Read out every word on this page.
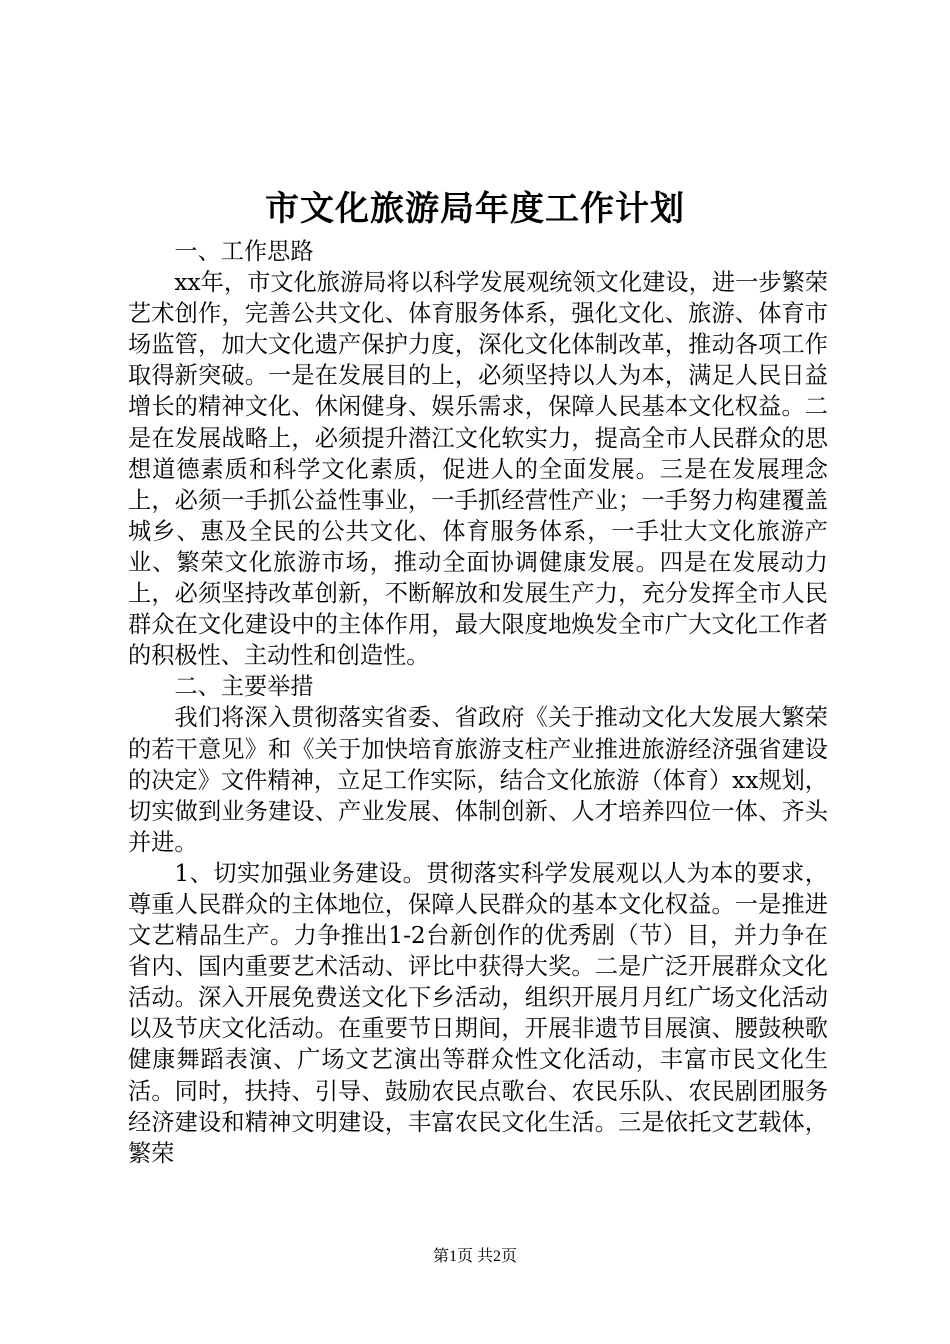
市文化旅游局年度工作计划

一、工作思路

xx年，市文化旅游局将以科学发展观统领文化建设，进一步繁荣艺术创作，完善公共文化、体育服务体系，强化文化、旅游、体育市场监管，加大文化遗产保护力度，深化文化体制改革，推动各项工作取得新突破。一是在发展目的上，必须坚持以人为本，满足人民日益增长的精神文化、休闲健身、娱乐需求，保障人民基本文化权益。二是在发展战略上，必须提升潜江文化软实力，提高全市人民群众的思想道德素质和科学文化素质，促进人的全面发展。三是在发展理念上，必须一手抓公益性事业，一手抓经营性产业；一手努力构建覆盖城乡、惠及全民的公共文化、体育服务体系，一手壮大文化旅游产业、繁荣文化旅游市场，推动全面协调健康发展。四是在发展动力上，必须坚持改革创新，不断解放和发展生产力，充分发挥全市人民群众在文化建设中的主体作用，最大限度地焕发全市广大文化工作者的积极性、主动性和创造性。

二、主要举措

我们将深入贯彻落实省委、省政府《关于推动文化大发展大繁荣的若干意见》和《关于加快培育旅游支柱产业推进旅游经济强省建设的决定》文件精神，立足工作实际，结合文化旅游（体育）xx规划，切实做到业务建设、产业发展、体制创新、人才培养四位一体、齐头并进。

1、切实加强业务建设。贯彻落实科学发展观以人为本的要求，尊重人民群众的主体地位，保障人民群众的基本文化权益。一是推进文艺精品生产。力争推出1-2台新创作的优秀剧（节）目，并力争在省内、国内重要艺术活动、评比中获得大奖。二是广泛开展群众文化活动。深入开展免费送文化下乡活动，组织开展月月红广场文化活动以及节庆文化活动。在重要节日期间，开展非遗节目展演、腰鼓秧歌健康舞蹈表演、广场文艺演出等群众性文化活动，丰富市民文化生活。同时，扶持、引导、鼓励农民点歌台、农民乐队、农民剧团服务经济建设和精神文明建设，丰富农民文化生活。三是依托文艺载体，繁荣

第1页 共2页
